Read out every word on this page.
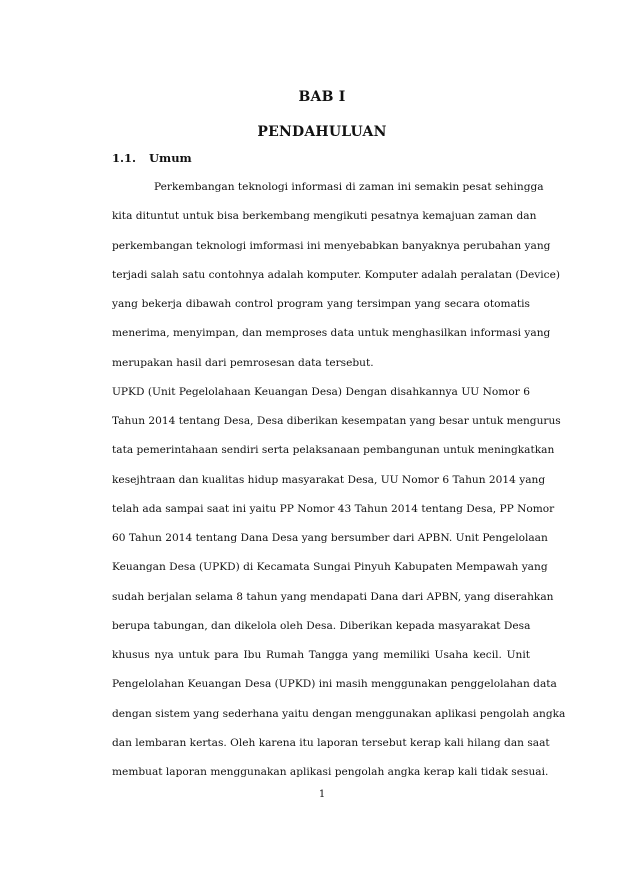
BAB I
PENDAHULUAN
1.1. Umum
Perkembangan teknologi informasi di zaman ini semakin pesat sehingga
kita dituntut untuk bisa berkembang mengikuti pesatnya kemajuan zaman dan
perkembangan teknologi imformasi ini menyebabkan banyaknya perubahan yang
terjadi salah satu contohnya adalah komputer. Komputer adalah peralatan (Device)
yang bekerja dibawah control program yang tersimpan yang secara otomatis
menerima, menyimpan, dan memproses data untuk menghasilkan informasi yang
merupakan hasil dari pemrosesan data tersebut.
UPKD (Unit Pegelolahaan Keuangan Desa) Dengan disahkannya UU Nomor 6
Tahun 2014 tentang Desa, Desa diberikan kesempatan yang besar untuk mengurus
tata pemerintahaan sendiri serta pelaksanaan pembangunan untuk meningkatkan
kesejhtraan dan kualitas hidup masyarakat Desa, UU Nomor 6 Tahun 2014 yang
telah ada sampai saat ini yaitu PP Nomor 43 Tahun 2014 tentang Desa, PP Nomor
60 Tahun 2014 tentang Dana Desa yang bersumber dari APBN. Unit Pengelolaan
Keuangan Desa (UPKD) di Kecamata Sungai Pinyuh Kabupaten Mempawah yang
sudah berjalan selama 8 tahun yang mendapati Dana dari APBN, yang diserahkan
berupa tabungan, dan dikelola oleh Desa. Diberikan kepada masyarakat Desa
khusus nya untuk para Ibu Rumah Tangga yang memiliki Usaha kecil. Unit
Pengelolahan Keuangan Desa (UPKD) ini masih menggunakan penggelolahan data
dengan sistem yang sederhana yaitu dengan menggunakan aplikasi pengolah angka
dan lembaran kertas. Oleh karena itu laporan tersebut kerap kali hilang dan saat
membuat laporan menggunakan aplikasi pengolah angka kerap kali tidak sesuai.
1
